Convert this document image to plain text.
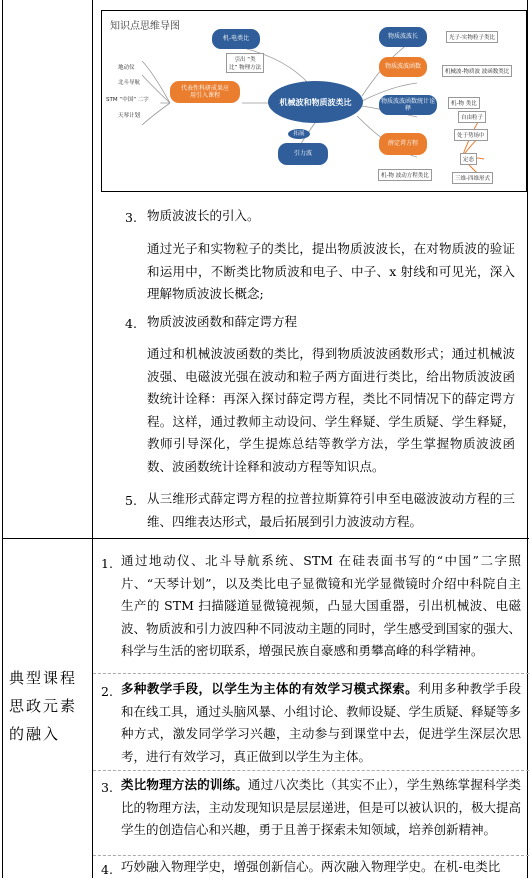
知识点思维导图
机-电类比
引出 “类
比” 物理方法
地动仪
北斗导航
STM “中国” 二字
天琴计划
代表性科研成果应
用引入课程
机械波和物质波类比
拓展
引力波
物质波波长
物质波波函数
物质波波函数统计诠释
薛定谔方程
光子-实物粒子类比
机械波-物质波 波函数类比
机-物 类比
自由粒子
处于势场中
定态
三维-四维形式
机-物 波动方程类比
3. 物质波波长的引入。
通过光子和实物粒子的类比，提出物质波波长，在对物质波的验证和运用中，不断类比物质波和电子、中子、x 射线和可见光，深入理解物质波波长概念;
4. 物质波波函数和薛定谔方程
通过和机械波波函数的类比，得到物质波波函数形式；通过机械波波强、电磁波光强在波动和粒子两方面进行类比，给出物质波波函数统计诠释：再深入探讨薛定谔方程，类比不同情况下的薛定谔方程。这样，通过教师主动设问、学生释疑、学生质疑、学生释疑，教师引导深化，学生提炼总结等教学方法，学生掌握物质波波函数、波函数统计诠释和波动方程等知识点。
5. 从三维形式薛定谔方程的拉普拉斯算符引申至电磁波波动方程的三维、四维表达形式，最后拓展到引力波波动方程。
典型课程思政元素的融入
1. 通过地动仪、北斗导航系统、STM 在硅表面书写的“中国”二字照片、“天琴计划”，以及类比电子显微镜和光学显微镜时介绍中科院自主生产的 STM 扫描隧道显微镜视频，凸显大国重器，引出机械波、电磁波、物质波和引力波四种不同波动主题的同时，学生感受到国家的强大、科学与生活的密切联系，增强民族自豪感和勇攀高峰的科学精神。
2. 多种教学手段，以学生为主体的有效学习模式探索。利用多种教学手段和在线工具，通过头脑风暴、小组讨论、教师设疑、学生质疑、释疑等多种方式，激发同学学习兴趣，主动参与到课堂中去，促进学生深层次思考，进行有效学习，真正做到以学生为主体。
3. 类比物理方法的训练。通过八次类比（其实不止），学生熟练掌握科学类比的物理方法，主动发现知识是层层递进，但是可以被认识的，极大提高学生的创造信心和兴趣，勇于且善于探索未知领域，培养创新精神。
4. 巧妙融入物理学史，增强创新信心。两次融入物理学史。在机-电类比
